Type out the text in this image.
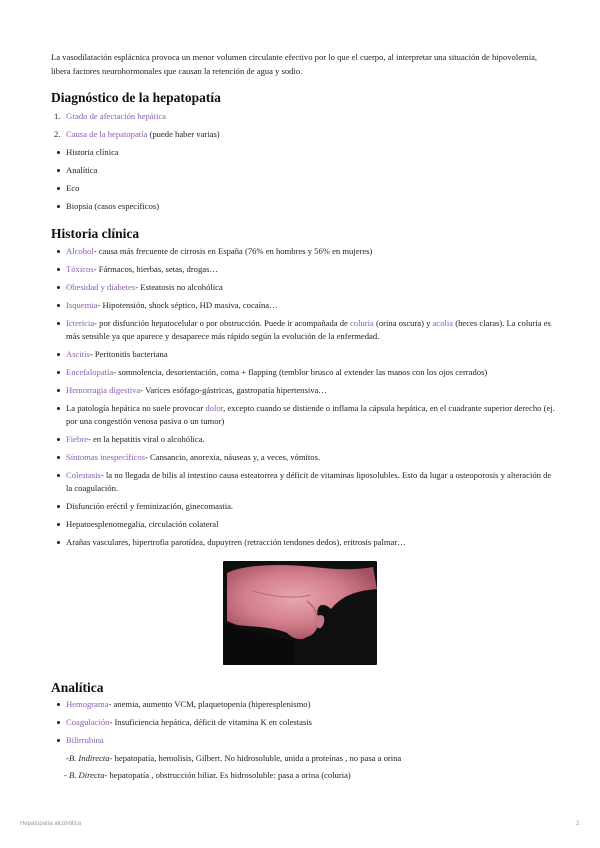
La vasodilatación esplácnica provoca un menor volumen circulante efectivo por lo que el cuerpo, al interpretar una situación de hipovolemia, libera factores neurohormonales que causan la retención de agua y sodio.

Diagnóstico de la hepatopatía
1. Grado de afectación hepática
2. Causa de la hepatopatía (puede haber varias)
Historia clínica
Analítica
Eco
Biopsia (casos específicos)
Historia clínica
Alcohol- causa más frecuente de cirrosis en España (76% en hombres y 56% en mujeres)
Tóxicos- Fármacos, hierbas, setas, drogas…
Obesidad y diabetes- Esteatosis no alcohólica
Isquemia- Hipotensión, shock séptico, HD masiva, cocaína…
Ictericia- por disfunción hepatocelular o por obstrucción. Puede ir acompañada de coluria (orina oscura) y acolia (heces claras). La coluria es más sensible ya que aparece y desaparece más rápido según la evolución de la enfermedad.
Ascitis- Peritonitis bacteriana
Encefalopatía- somnolencia, desorientación, coma + flapping (temblor brusco al extender las manos con los ojos cerrados)
Hemorragia digestiva- Varices esófago-gástricas, gastropatía hipertensiva…
La patología hepática no suele provocar dolor, excepto cuando se distiende o inflama la cápsula hepática, en el cuadrante superior derecho (ej. por una congestión venosa pasiva o un tumor)
Fiebre- en la hepatitis viral o alcohólica.
Síntomas inespecíficos- Cansancio, anorexia, náuseas y, a veces, vómitos.
Colestasis- la no llegada de bilis al intestino causa esteatorrea y déficit de vitaminas liposolubles. Esto da lugar a osteoporosis y alteración de la coagulación.
Disfunción eréctil y feminización, ginecomastia.
Hepatoesplenomegalia, circulación colateral
Arañas vasculares, hipertrofia parotídea, dupuytren (retracción tendones dedos), eritrosis palmar…
Analítica
Hemograma- anemia, aumento VCM, plaquetopenia (hiperesplenismo)
Coagulación- Insuficiencia hepática, déficit de vitamina K en colestasis
Bilirrubina
-B. Indirecta- hepatopatía, hemolisis, Gilbert. No hidrosoluble, unida a proteínas , no pasa a orina
- B. Directa- hepatopatía , obstrucción biliar. Es hidrosoluble: pasa a orina (coluria)
Hepatopatía alcohólica	2
